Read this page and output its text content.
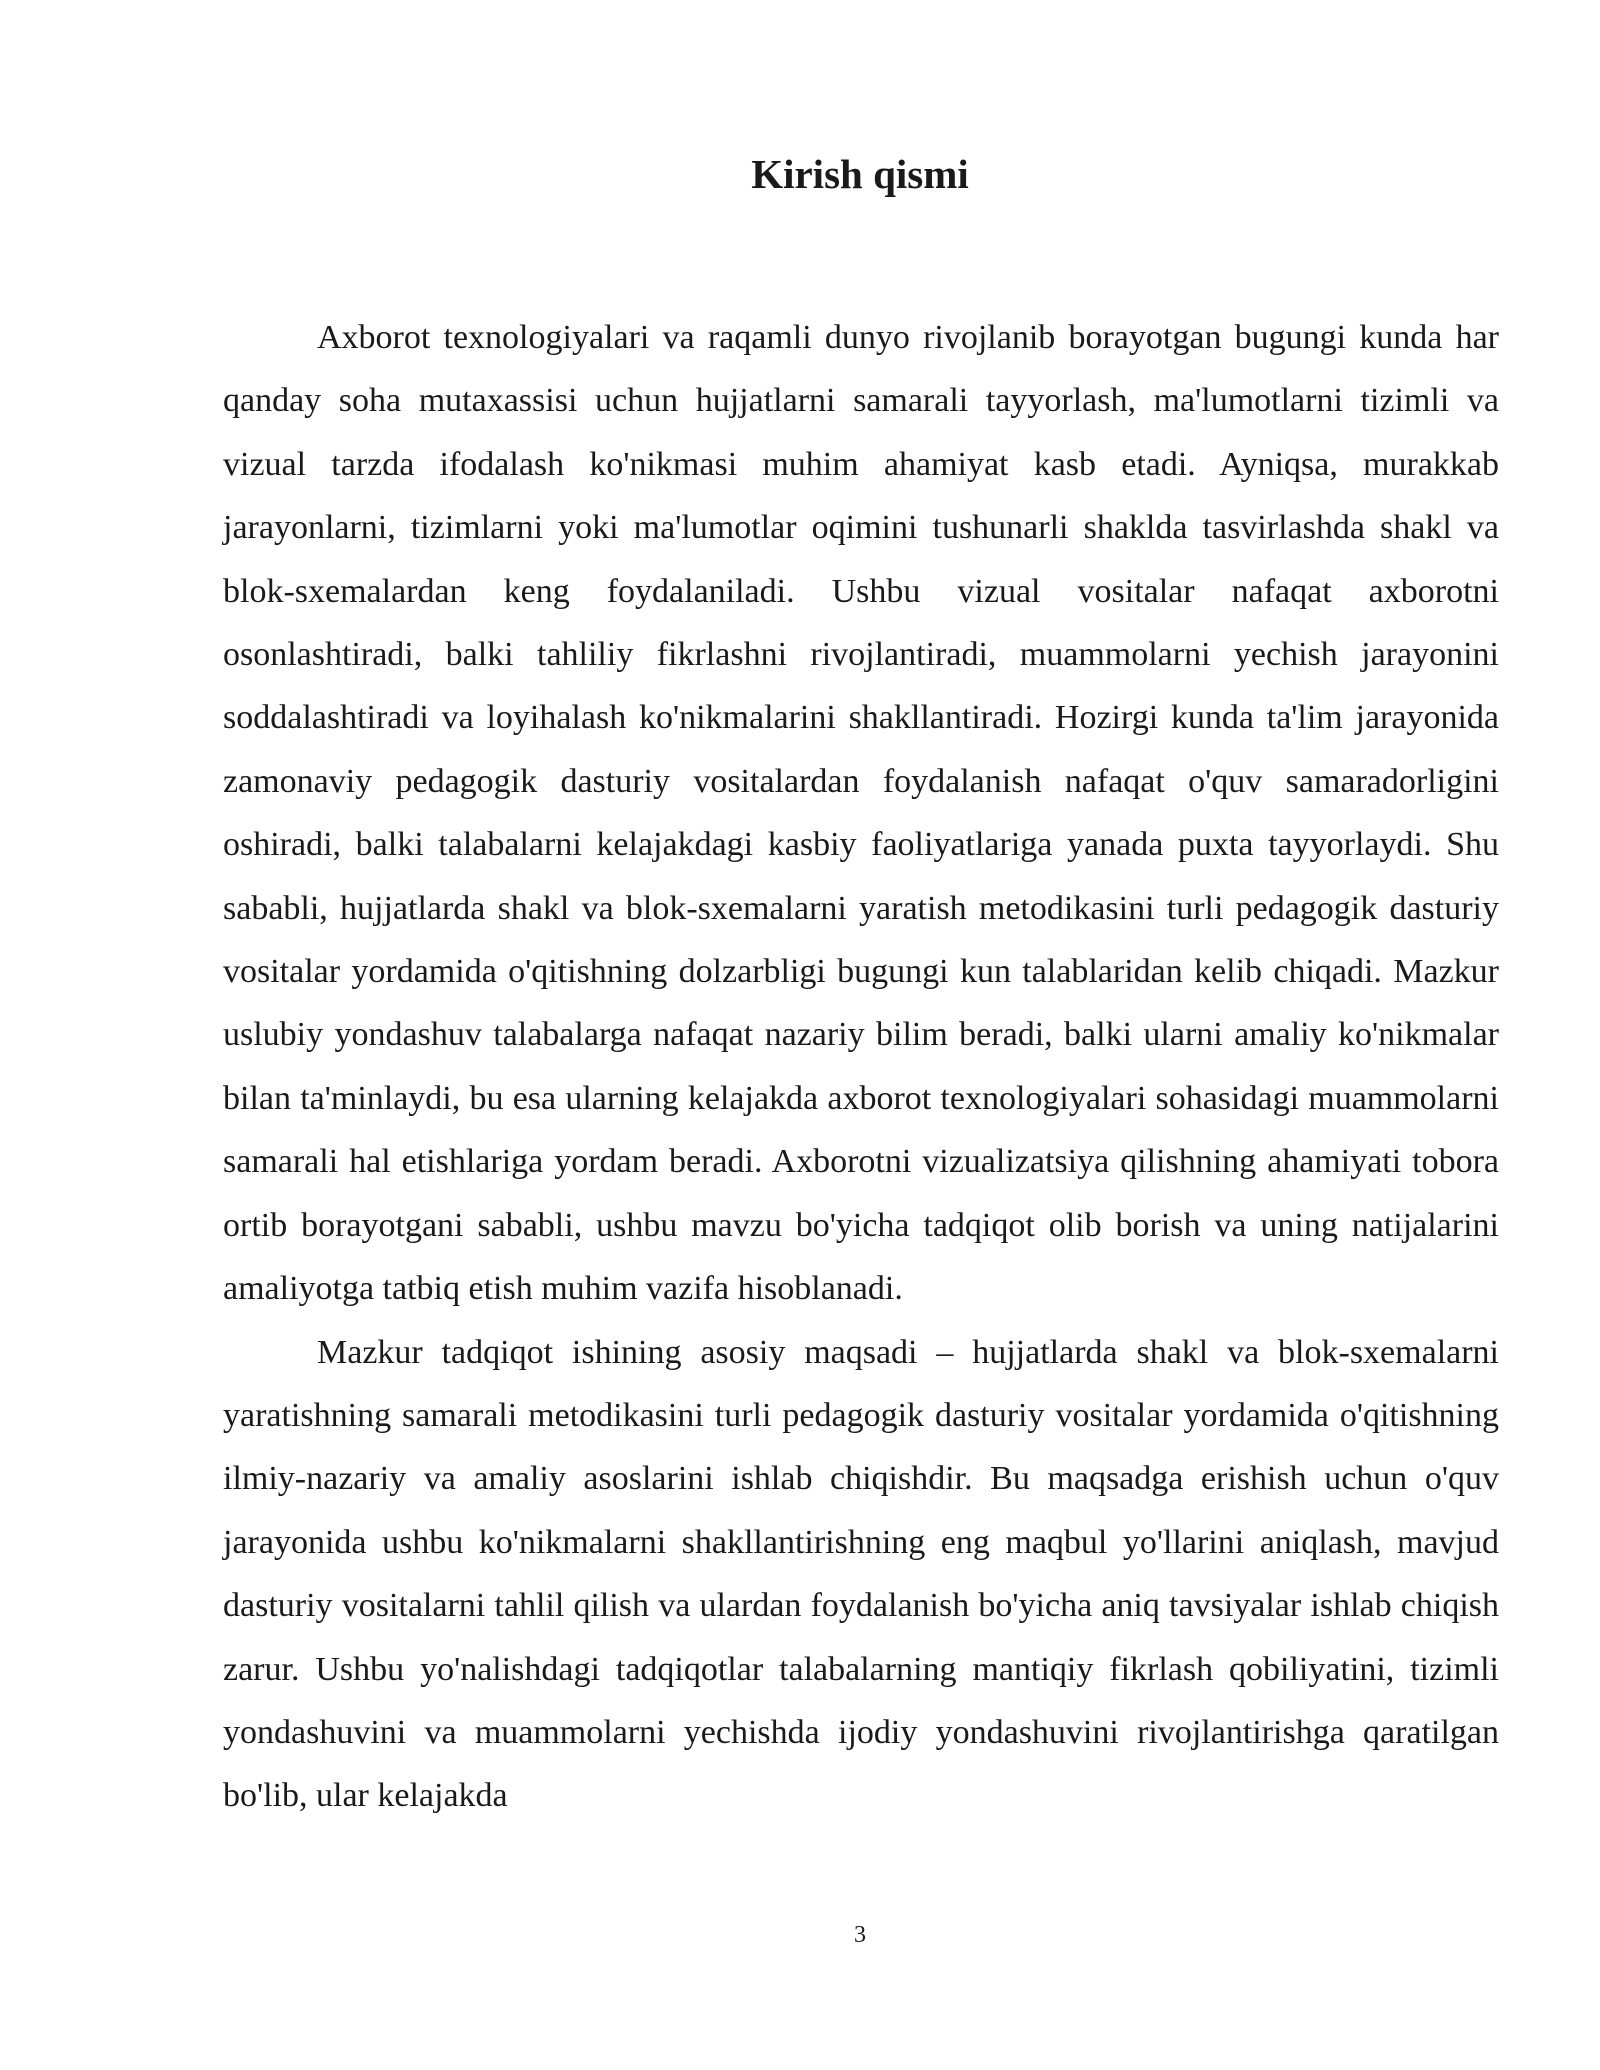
Kirish qismi

Axborot texnologiyalari va raqamli dunyo rivojlanib borayotgan bugungi kunda har qanday soha mutaxassisi uchun hujjatlarni samarali tayyorlash, ma'lumotlarni tizimli va vizual tarzda ifodalash ko'nikmasi muhim ahamiyat kasb etadi. Ayniqsa, murakkab jarayonlarni, tizimlarni yoki ma'lumotlar oqimini tushunarli shaklda tasvirlashda shakl va blok-sxemalardan keng foydalaniladi. Ushbu vizual vositalar nafaqat axborotni osonlashtiradi, balki tahliliy fikrlashni rivojlantiradi, muammolarni yechish jarayonini soddalashtiradi va loyihalash ko'nikmalarini shakllantiradi. Hozirgi kunda ta'lim jarayonida zamonaviy pedagogik dasturiy vositalardan foydalanish nafaqat o'quv samaradorligini oshiradi, balki talabalarni kelajakdagi kasbiy faoliyatlariga yanada puxta tayyorlaydi. Shu sababli, hujjatlarda shakl va blok-sxemalarni yaratish metodikasini turli pedagogik dasturiy vositalar yordamida o'qitishning dolzarbligi bugungi kun talablaridan kelib chiqadi. Mazkur uslubiy yondashuv talabalarga nafaqat nazariy bilim beradi, balki ularni amaliy ko'nikmalar bilan ta'minlaydi, bu esa ularning kelajakda axborot texnologiyalari sohasidagi muammolarni samarali hal etishlariga yordam beradi. Axborotni vizualizatsiya qilishning ahamiyati tobora ortib borayotgani sababli, ushbu mavzu bo'yicha tadqiqot olib borish va uning natijalarini amaliyotga tatbiq etish muhim vazifa hisoblanadi.

Mazkur tadqiqot ishining asosiy maqsadi – hujjatlarda shakl va blok-sxemalarni yaratishning samarali metodikasini turli pedagogik dasturiy vositalar yordamida o'qitishning ilmiy-nazariy va amaliy asoslarini ishlab chiqishdir. Bu maqsadga erishish uchun o'quv jarayonida ushbu ko'nikmalarni shakllantirishning eng maqbul yo'llarini aniqlash, mavjud dasturiy vositalarni tahlil qilish va ulardan foydalanish bo'yicha aniq tavsiyalar ishlab chiqish zarur. Ushbu yo'nalishdagi tadqiqotlar talabalarning mantiqiy fikrlash qobiliyatini, tizimli yondashuvini va muammolarni yechishda ijodiy yondashuvini rivojlantirishga qaratilgan bo'lib, ular kelajakda

3
